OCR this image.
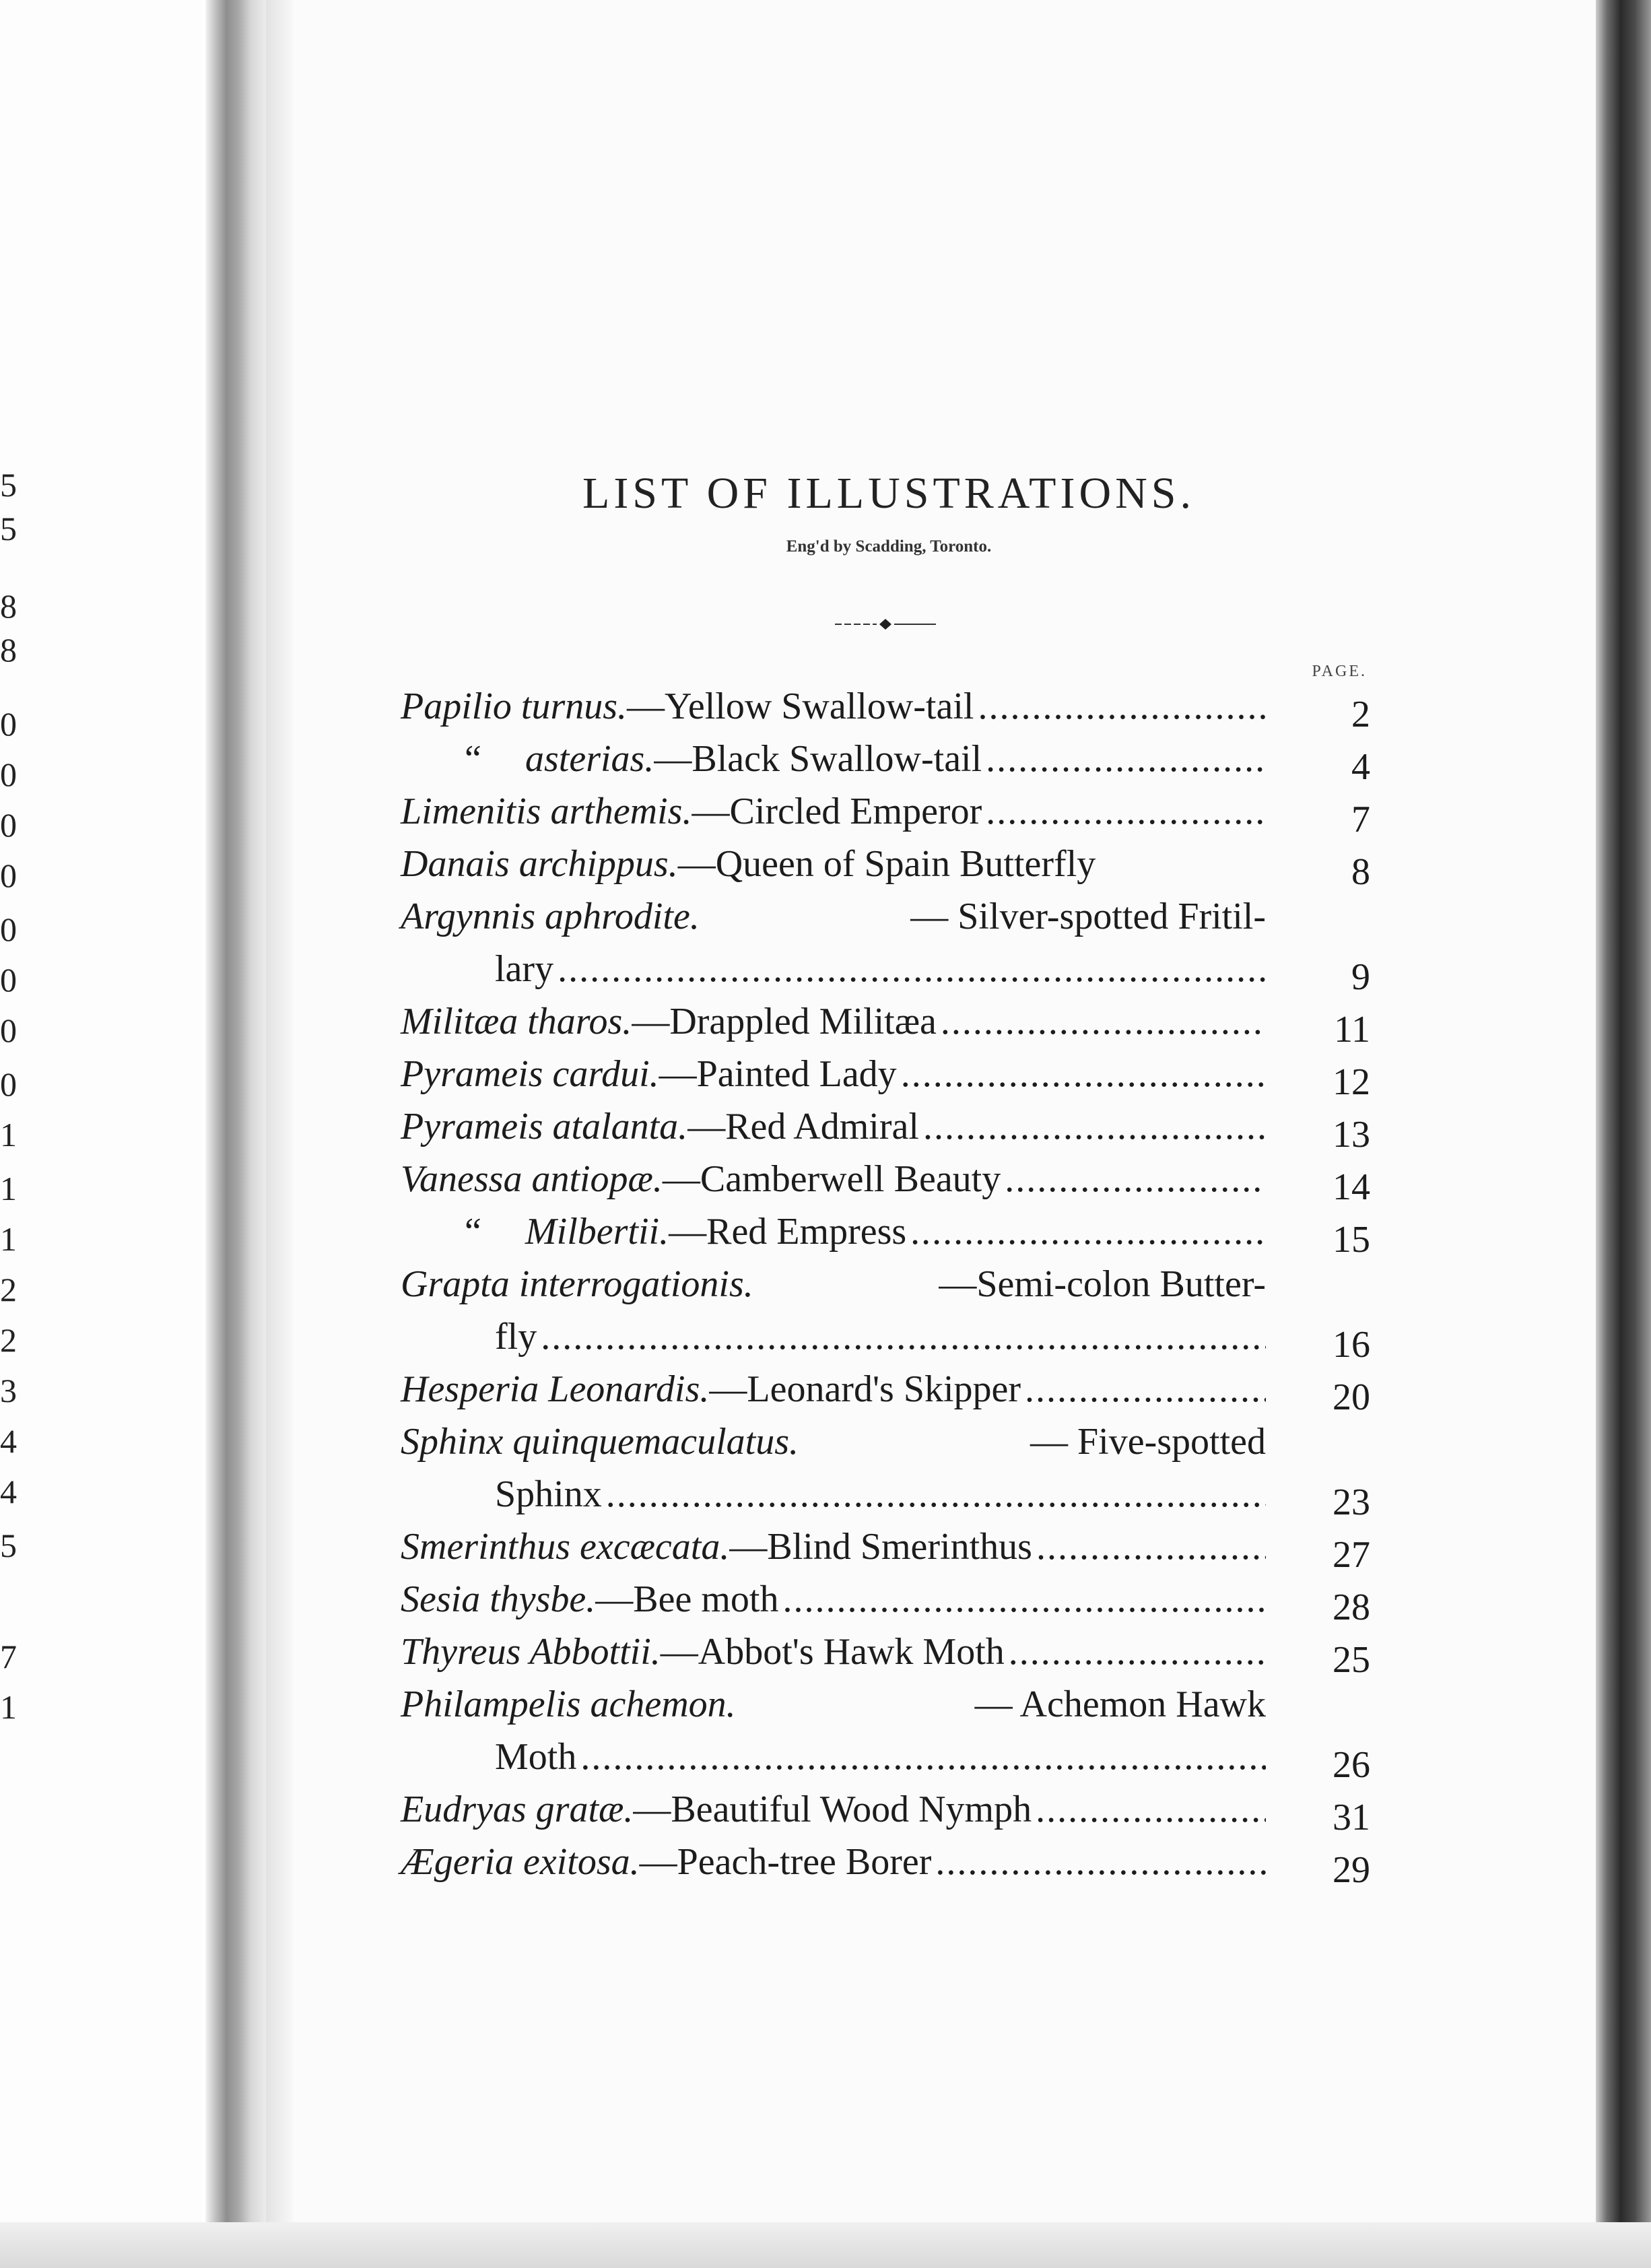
5
5
8
8
0
0
0
0
0
0
0
0
1
1
1
2
2
3
4
4
5
7
1
LIST OF ILLUSTRATIONS.
Eng'd by Scadding, Toronto.
PAGE.
Papilio turnus. —Yellow Swallow-tail .....	2
“	asterias. —Black Swallow-tail .....	4
Limenitis arthemis. —Circled Emperor .....	7
Danais archippus. —Queen of Spain Butterfly	8
Argynnis aphrodite.	— Silver-spotted Fritil-
lary .....	9
Militæa tharos. —Drappled Militæa .....	11
Pyrameis cardui. —Painted Lady .....	12
Pyrameis atalanta. —Red Admiral .....	13
Vanessa antiopæ. —Camberwell Beauty .....	14
“	Milbertii. —Red Empress .....	15
Grapta interrogationis.	—Semi-colon Butter-
fly .....	16
Hesperia Leonardis. —Leonard's Skipper .....	20
Sphinx quinquemaculatus.	— Five-spotted
Sphinx .....	23
Smerinthus excæcata. —Blind Smerinthus .....	27
Sesia thysbe. —Bee moth .....	28
Thyreus Abbottii. —Abbot's Hawk Moth .....	25
Philampelis achemon.	— Achemon Hawk
Moth .....	26
Eudryas gratæ. —Beautiful Wood Nymph .....	31
Ægeria exitosa. —Peach-tree Borer .....	29
